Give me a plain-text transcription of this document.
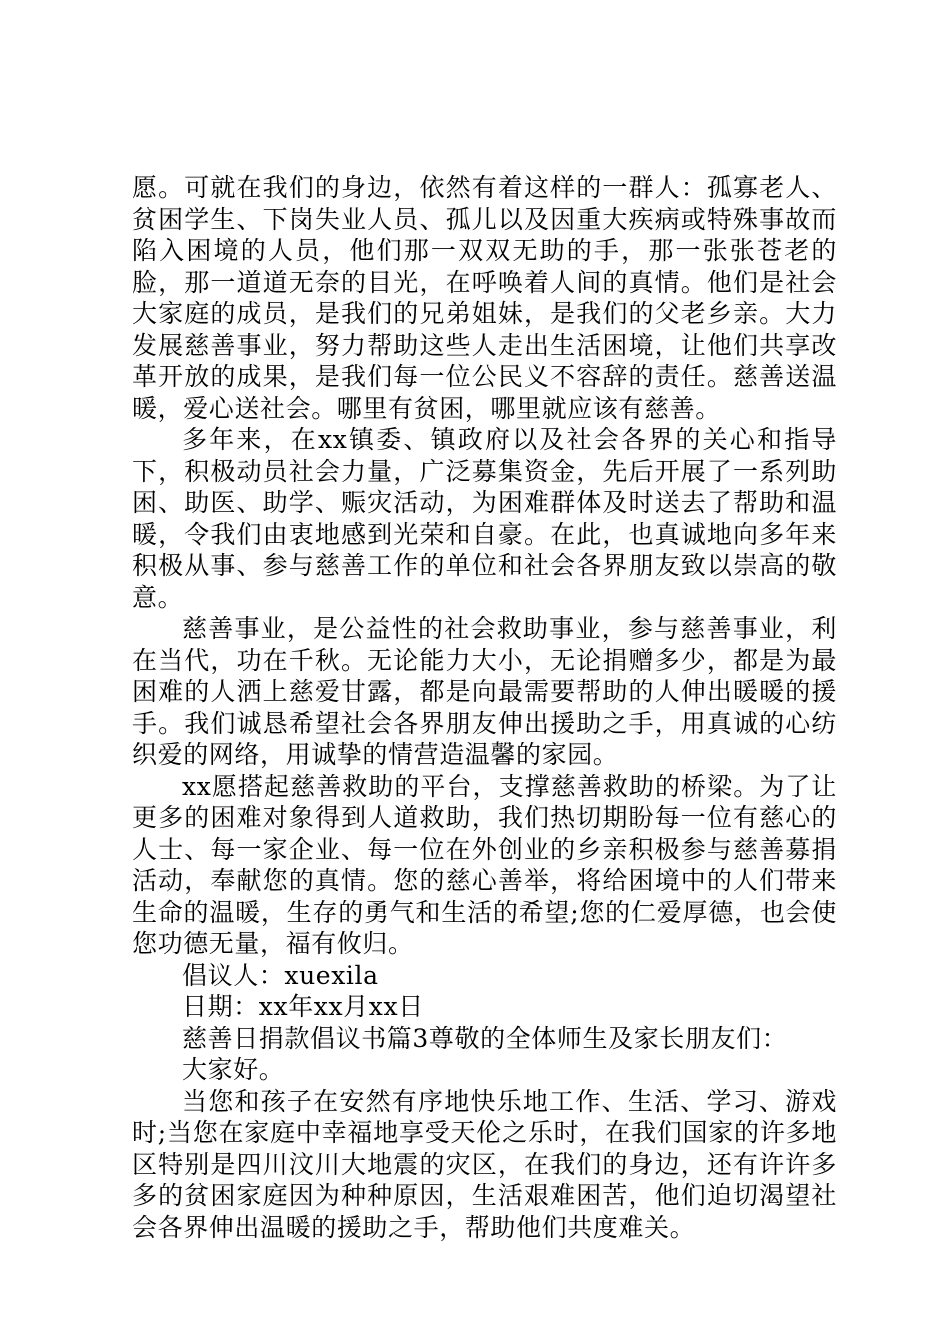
愿。可就在我们的身边，依然有着这样的一群人：孤寡老人、贫困学生、下岗失业人员、孤儿以及因重大疾病或特殊事故而陷入困境的人员，他们那一双双无助的手，那一张张苍老的脸，那一道道无奈的目光，在呼唤着人间的真情。他们是社会大家庭的成员，是我们的兄弟姐妹，是我们的父老乡亲。大力发展慈善事业，努力帮助这些人走出生活困境，让他们共享改革开放的成果，是我们每一位公民义不容辞的责任。慈善送温暖，爱心送社会。哪里有贫困，哪里就应该有慈善。

多年来，在xx镇委、镇政府以及社会各界的关心和指导下，积极动员社会力量，广泛募集资金，先后开展了一系列助困、助医、助学、赈灾活动，为困难群体及时送去了帮助和温暖，令我们由衷地感到光荣和自豪。在此，也真诚地向多年来积极从事、参与慈善工作的单位和社会各界朋友致以崇高的敬意。

慈善事业，是公益性的社会救助事业，参与慈善事业，利在当代，功在千秋。无论能力大小，无论捐赠多少，都是为最困难的人洒上慈爱甘露，都是向最需要帮助的人伸出暖暖的援手。我们诚恳希望社会各界朋友伸出援助之手，用真诚的心纺织爱的网络，用诚挚的情营造温馨的家园。

xx愿搭起慈善救助的平台，支撑慈善救助的桥梁。为了让更多的困难对象得到人道救助，我们热切期盼每一位有慈心的人士、每一家企业、每一位在外创业的乡亲积极参与慈善募捐活动，奉献您的真情。您的慈心善举，将给困境中的人们带来生命的温暖，生存的勇气和生活的希望;您的仁爱厚德，也会使您功德无量，福有攸归。

倡议人：xuexila

日期：xx年xx月xx日

慈善日捐款倡议书篇3尊敬的全体师生及家长朋友们：

大家好。

当您和孩子在安然有序地快乐地工作、生活、学习、游戏时;当您在家庭中幸福地享受天伦之乐时，在我们国家的许多地区特别是四川汶川大地震的灾区，在我们的身边，还有许许多多的贫困家庭因为种种原因，生活艰难困苦，他们迫切渴望社会各界伸出温暖的援助之手，帮助他们共度难关。
